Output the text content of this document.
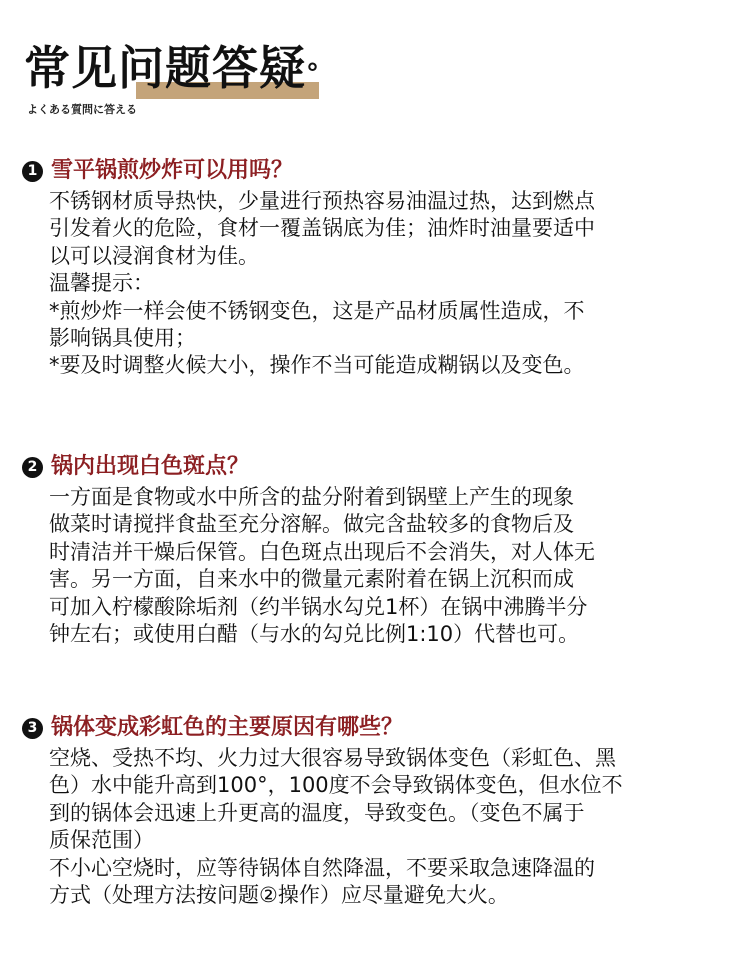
常见问题答疑°

よくある質問に答える

1 雪平锅煎炒炸可以用吗？

不锈钢材质导热快，少量进行预热容易油温过热，达到燃点

引发着火的危险，食材一覆盖锅底为佳；油炸时油量要适中

以可以浸润食材为佳。

温馨提示：

*煎炒炸一样会使不锈钢变色，这是产品材质属性造成，不

影响锅具使用；

*要及时调整火候大小，操作不当可能造成糊锅以及变色。

2 锅内出现白色斑点？

一方面是食物或水中所含的盐分附着到锅壁上产生的现象

做菜时请搅拌食盐至充分溶解。做完含盐较多的食物后及

时清洁并干燥后保管。白色斑点出现后不会消失，对人体无

害。另一方面，自来水中的微量元素附着在锅上沉积而成

可加入柠檬酸除垢剂（约半锅水勾兑1杯）在锅中沸腾半分

钟左右；或使用白醋（与水的勾兑比例1:10）代替也可。

3 锅体变成彩虹色的主要原因有哪些？

空烧、受热不均、火力过大很容易导致锅体变色（彩虹色、黑

色）水中能升高到100°，100度不会导致锅体变色，但水位不

到的锅体会迅速上升更高的温度，导致变色。（变色不属于

质保范围）

不小心空烧时，应等待锅体自然降温，不要采取急速降温的

方式（处理方法按问题②操作）应尽量避免大火。
